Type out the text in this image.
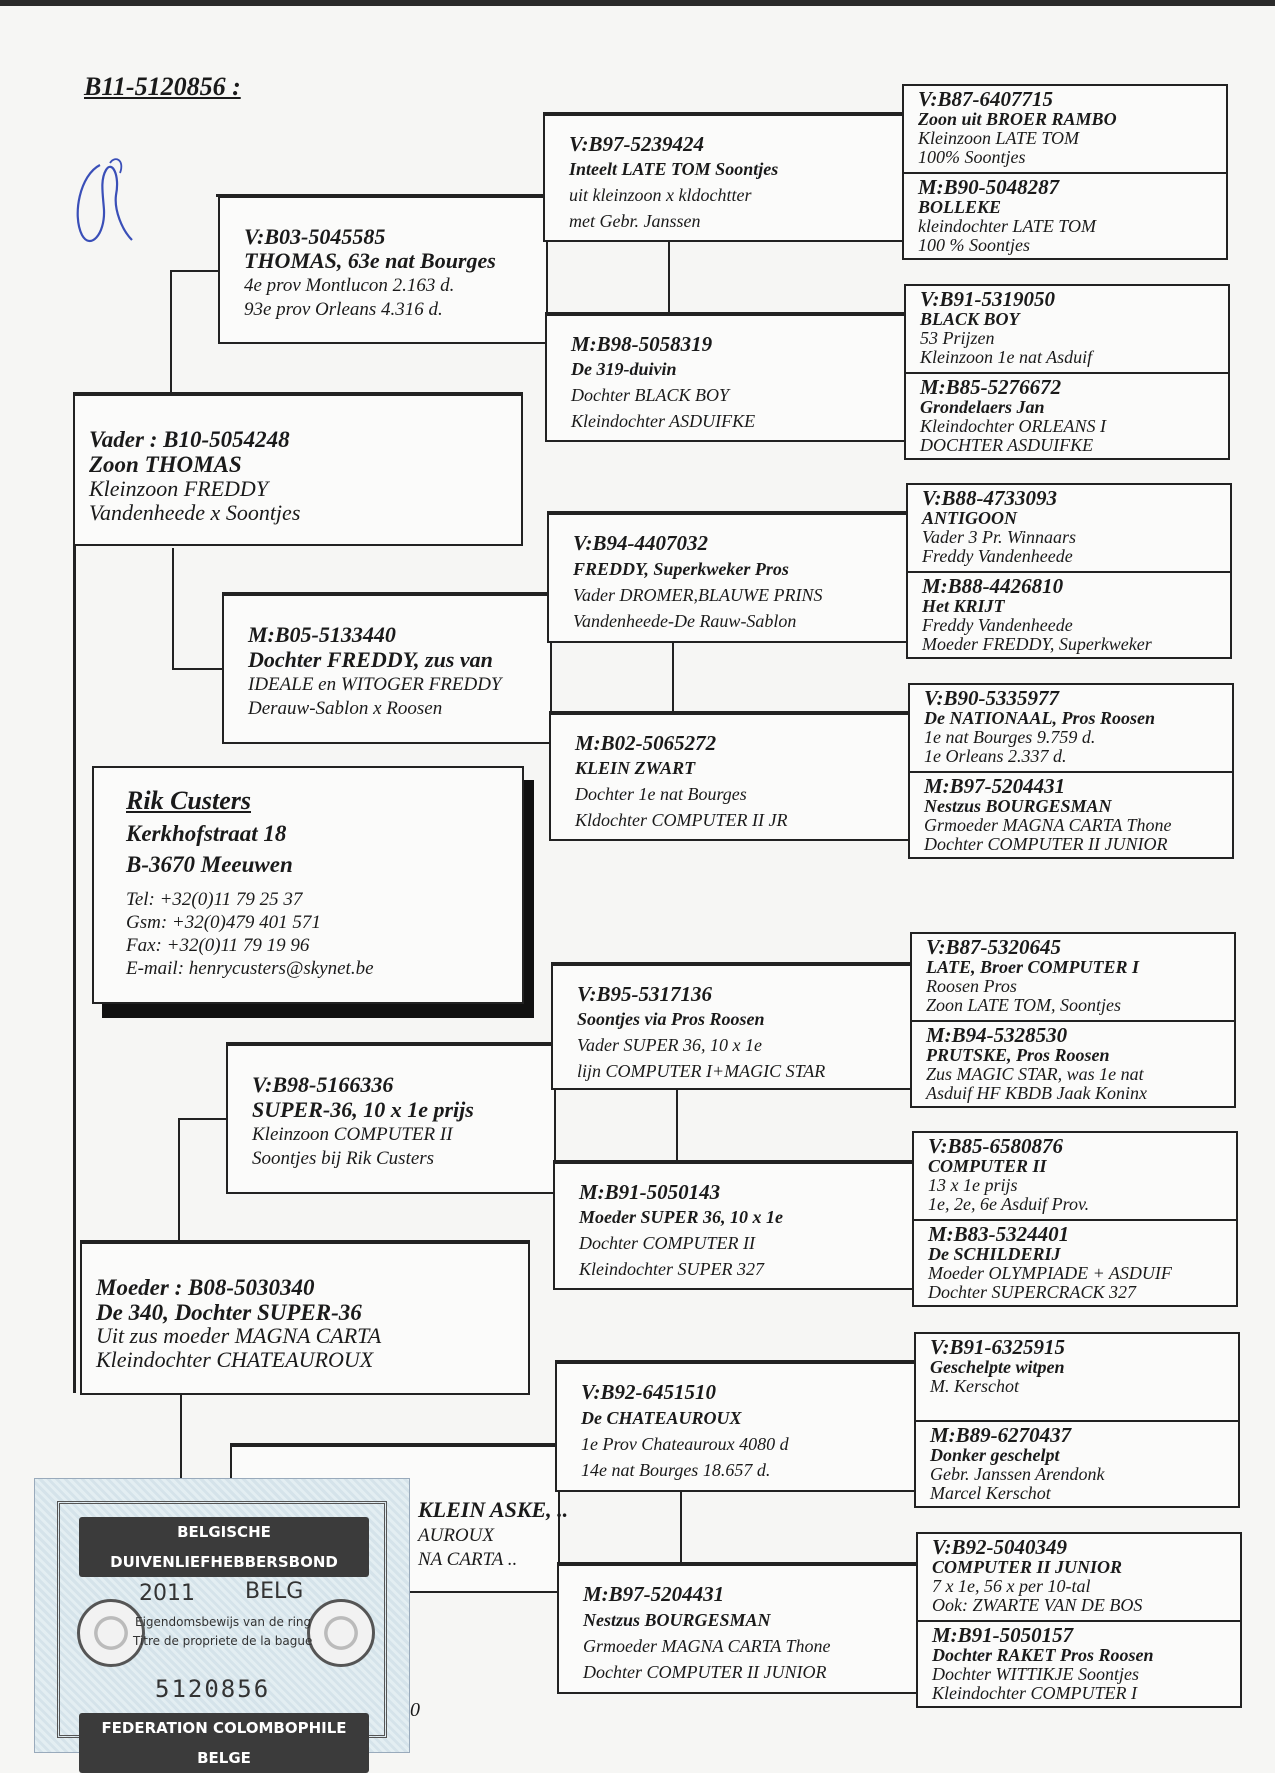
B11-5120856 :
Vader : B10-5054248
Zoon THOMAS
Kleinzoon FREDDY
Vandenheede x Soontjes
Rik Custers
Kerkhofstraat 18
B-3670 Meeuwen
Tel: +32(0)11 79 25 37
Gsm: +32(0)479 401 571
Fax: +32(0)11 79 19 96
E-mail: henrycusters@skynet.be
Moeder : B08-5030340
De 340, Dochter SUPER-36
Uit zus moeder MAGNA CARTA
Kleindochter CHATEAUROUX
V:B03-5045585
THOMAS, 63e nat Bourges
4e prov Montlucon 2.163 d.
93e prov Orleans 4.316 d.
M:B05-5133440
Dochter FREDDY, zus van
IDEALE en WITOGER FREDDY
Derauw-Sablon x Roosen
V:B98-5166336
SUPER-36, 10 x 1e prijs
Kleinzoon COMPUTER II
Soontjes bij Rik Custers
KLEIN ASKE, ..
AUROUX
NA CARTA ..
V:B97-5239424
Inteelt LATE TOM Soontjes
uit kleinzoon x kldochtter
met Gebr. Janssen
M:B98-5058319
De 319-duivin
Dochter BLACK BOY
Kleindochter ASDUIFKE
V:B94-4407032
FREDDY, Superkweker Pros
Vader DROMER,BLAUWE PRINS
Vandenheede-De Rauw-Sablon
M:B02-5065272
KLEIN ZWART
Dochter 1e nat Bourges
Kldochter COMPUTER II JR
V:B95-5317136
Soontjes via Pros Roosen
Vader SUPER 36, 10 x 1e
lijn COMPUTER I+MAGIC STAR
M:B91-5050143
Moeder SUPER 36, 10 x 1e
Dochter COMPUTER II
Kleindochter SUPER 327
V:B92-6451510
De CHATEAUROUX
1e Prov Chateauroux 4080 d
14e nat Bourges 18.657 d.
M:B97-5204431
Nestzus BOURGESMAN
Grmoeder MAGNA CARTA Thone
Dochter COMPUTER II JUNIOR
V:B87-6407715
Zoon uit BROER RAMBO
Kleinzoon LATE TOM
100% Soontjes
M:B90-5048287
BOLLEKE
kleindochter LATE TOM
100 % Soontjes
V:B91-5319050
BLACK BOY
53 Prijzen
Kleinzoon 1e nat Asduif
M:B85-5276672
Grondelaers Jan
Kleindochter ORLEANS I
DOCHTER ASDUIFKE
V:B88-4733093
ANTIGOON
Vader 3 Pr. Winnaars
Freddy Vandenheede
M:B88-4426810
Het KRIJT
Freddy Vandenheede
Moeder FREDDY, Superkweker
V:B90-5335977
De NATIONAAL, Pros Roosen
1e nat Bourges 9.759 d.
1e Orleans 2.337 d.
M:B97-5204431
Nestzus BOURGESMAN
Grmoeder MAGNA CARTA Thone
Dochter COMPUTER II JUNIOR
V:B87-5320645
LATE, Broer COMPUTER I
Roosen Pros
Zoon LATE TOM, Soontjes
M:B94-5328530
PRUTSKE, Pros Roosen
Zus MAGIC STAR, was 1e nat
Asduif HF KBDB Jaak Koninx
V:B85-6580876
COMPUTER II
13 x 1e prijs
1e, 2e, 6e Asduif Prov.
M:B83-5324401
De SCHILDERIJ
Moeder OLYMPIADE + ASDUIF
Dochter SUPERCRACK 327
V:B91-6325915
Geschelpte witpen
M. Kerschot
M:B89-6270437
Donker geschelpt
Gebr. Janssen Arendonk
Marcel Kerschot
V:B92-5040349
COMPUTER II JUNIOR
7 x 1e, 56 x per 10-tal
Ook: ZWARTE VAN DE BOS
M:B91-5050157
Dochter RAKET Pros Roosen
Dochter WITTIKJE Soontjes
Kleindochter COMPUTER I
BELGISCHE DUIVENLIEFHEBBERSBOND
2011 BELG
Eigendomsbewijs van de ring
Titre de propriete de la bague
5120856
FEDERATION COLOMBOPHILE BELGE
0
